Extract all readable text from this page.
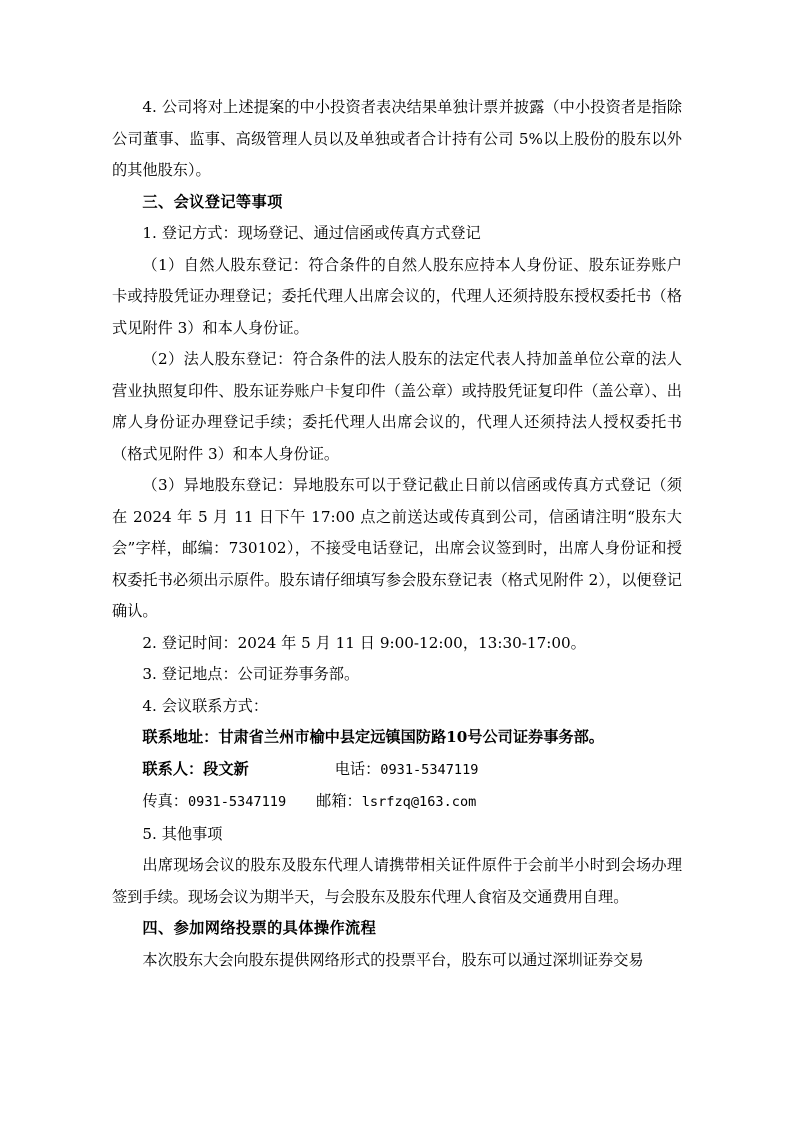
4. 公司将对上述提案的中小投资者表决结果单独计票并披露（中小投资者是指除公司董事、监事、高级管理人员以及单独或者合计持有公司 5%以上股份的股东以外的其他股东）。

三、会议登记等事项

1. 登记方式：现场登记、通过信函或传真方式登记

（1）自然人股东登记：符合条件的自然人股东应持本人身份证、股东证券账户卡或持股凭证办理登记；委托代理人出席会议的，代理人还须持股东授权委托书（格式见附件 3）和本人身份证。

（2）法人股东登记：符合条件的法人股东的法定代表人持加盖单位公章的法人营业执照复印件、股东证券账户卡复印件（盖公章）或持股凭证复印件（盖公章）、出席人身份证办理登记手续；委托代理人出席会议的，代理人还须持法人授权委托书（格式见附件 3）和本人身份证。

（3）异地股东登记：异地股东可以于登记截止日前以信函或传真方式登记（须在 2024 年 5 月 11 日下午 17:00 点之前送达或传真到公司，信函请注明“股东大会”字样，邮编：730102），不接受电话登记，出席会议签到时，出席人身份证和授权委托书必须出示原件。股东请仔细填写参会股东登记表（格式见附件 2），以便登记确认。

2. 登记时间：2024 年 5 月 11 日 9:00-12:00，13:30-17:00。

3. 登记地点：公司证券事务部。

4. 会议联系方式：

联系地址：甘肃省兰州市榆中县定远镇国防路10号公司证券事务部。

联系人：段文新	电话：0931-5347119

传真：0931-5347119 邮箱：lsrfzq@163.com

5. 其他事项

出席现场会议的股东及股东代理人请携带相关证件原件于会前半小时到会场办理签到手续。现场会议为期半天，与会股东及股东代理人食宿及交通费用自理。

四、参加网络投票的具体操作流程

本次股东大会向股东提供网络形式的投票平台，股东可以通过深圳证券交易
